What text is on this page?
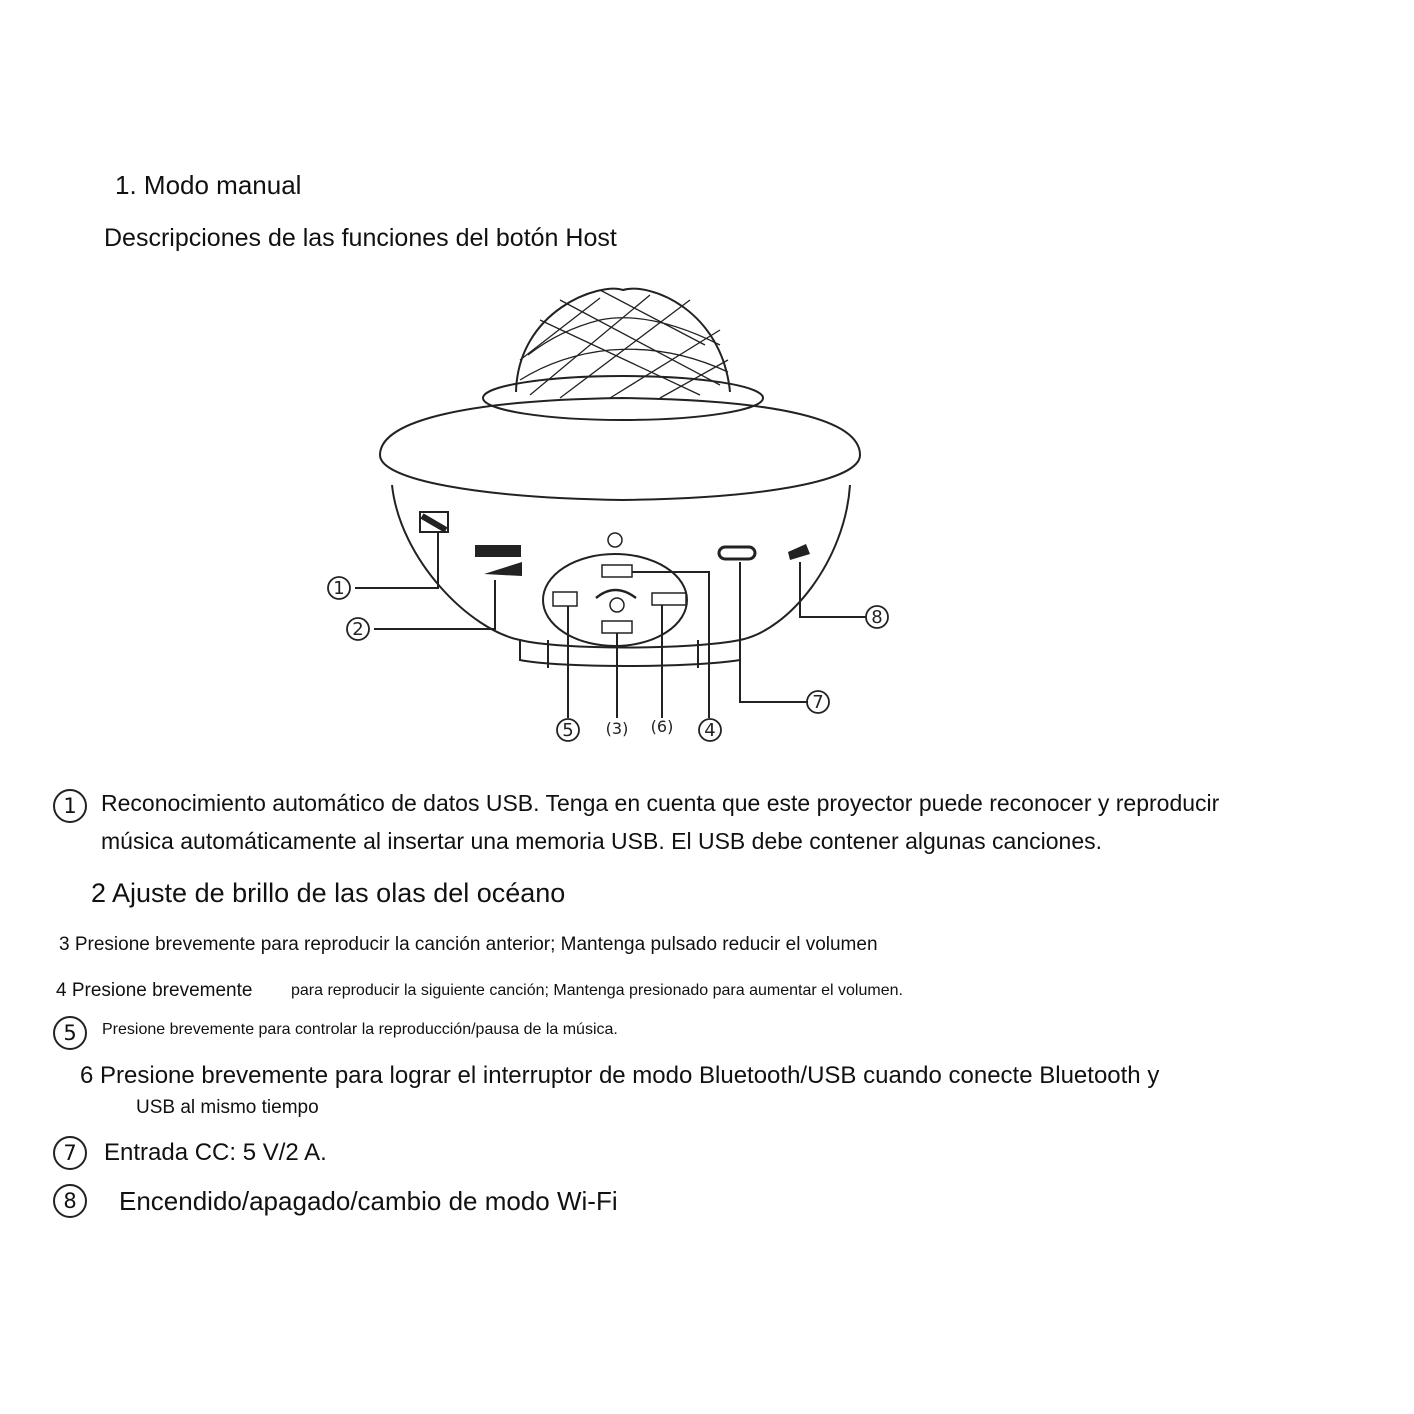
1. Modo manual
Descripciones de las funciones del botón Host
1
2
5 (3) (6) 4
7
8
1	Reconocimiento automático de datos USB. Tenga en cuenta que este proyector puede reconocer y reproducir
música automáticamente al insertar una memoria USB. El USB debe contener algunas canciones.
2 Ajuste de brillo de las olas del océano
3 Presione brevemente para reproducir la canción anterior; Mantenga pulsado reducir el volumen
4 Presione brevemente para reproducir la siguiente canción; Mantenga presionado para aumentar el volumen.
5	Presione brevemente para controlar la reproducción/pausa de la música.
6 Presione brevemente para lograr el interruptor de modo Bluetooth/USB cuando conecte Bluetooth y
USB al mismo tiempo
7	Entrada CC: 5 V/2 A.
8	Encendido/apagado/cambio de modo Wi-Fi
